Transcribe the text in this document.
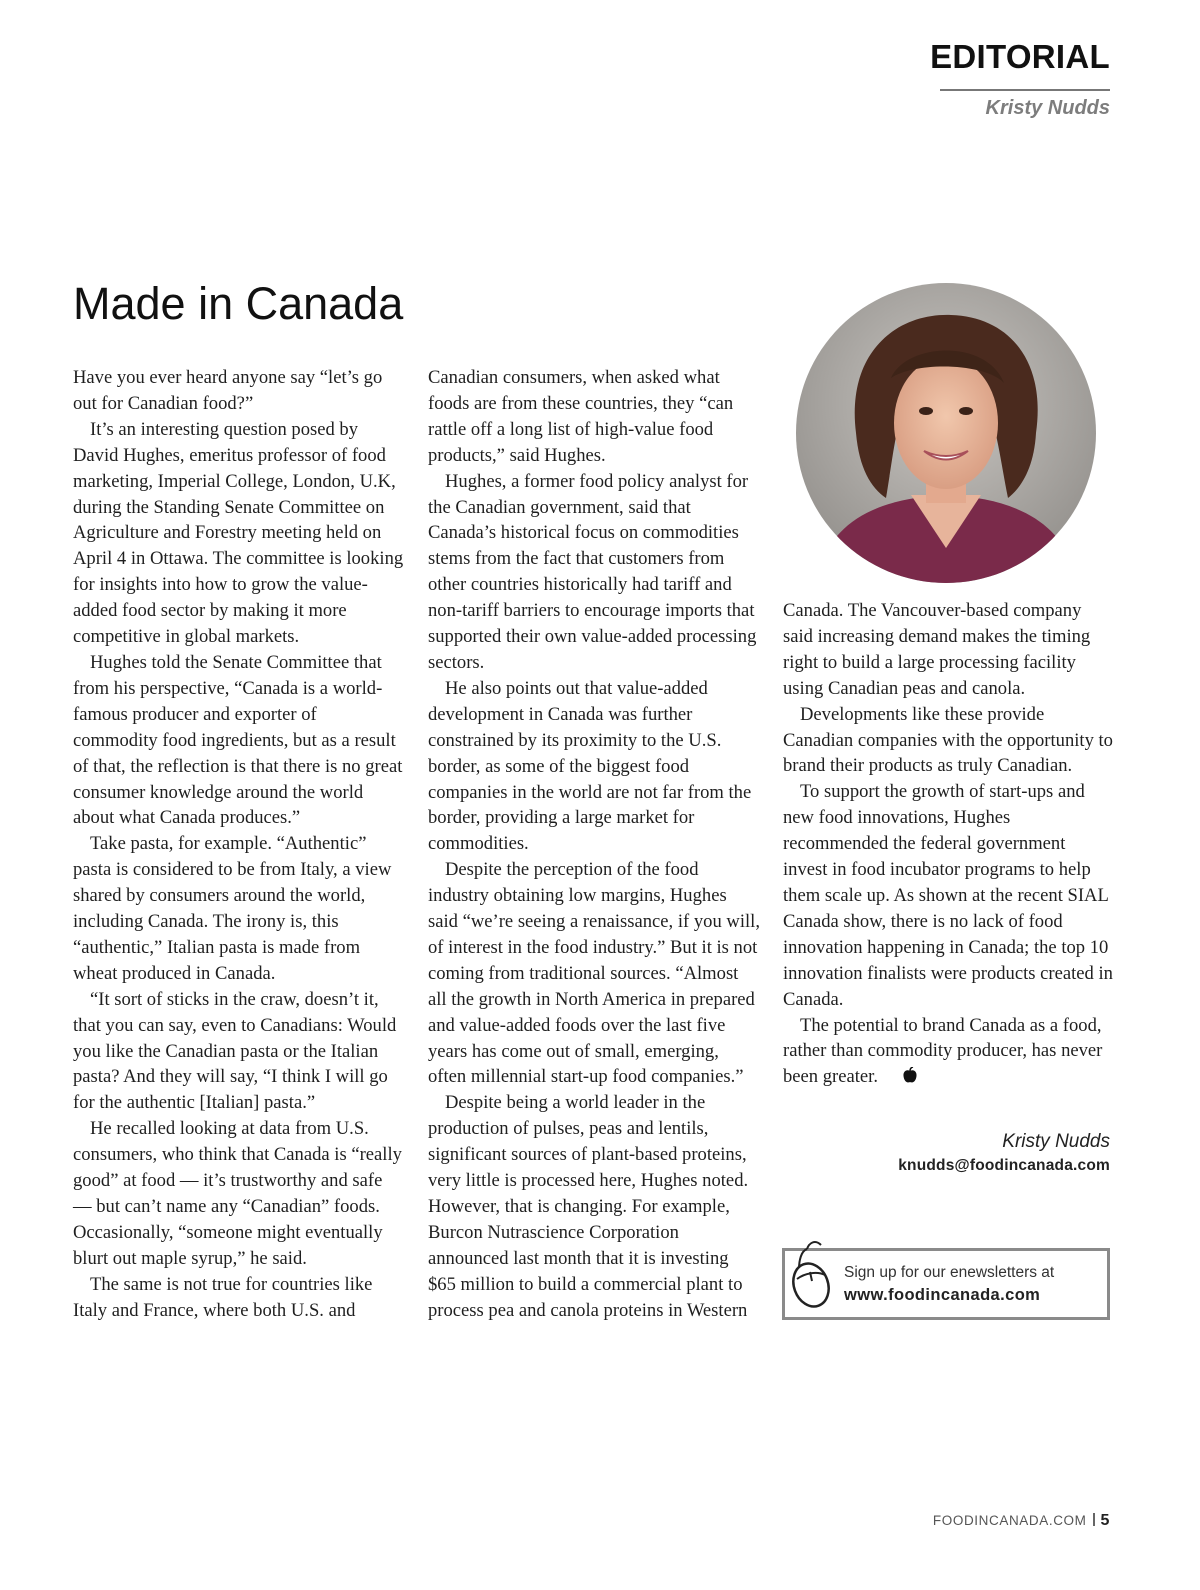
EDITORIAL
Kristy Nudds
Made in Canada

Have you ever heard anyone say “let’s go out for Canadian food?”

It’s an interesting question posed by David Hughes, emeritus professor of food marketing, Imperial College, London, U.K, during the Standing Senate Committee on Agriculture and Forestry meeting held on April 4 in Ottawa. The committee is looking for insights into how to grow the value-added food sector by making it more competitive in global markets.

Hughes told the Senate Committee that from his perspective, “Canada is a world-famous producer and exporter of commodity food ingredients, but as a result of that, the reflection is that there is no great consumer knowledge around the world about what Canada produces.”

Take pasta, for example. “Authentic” pasta is considered to be from Italy, a view shared by consumers around the world, including Canada. The irony is, this “authentic,” Italian pasta is made from wheat produced in Canada.

“It sort of sticks in the craw, doesn’t it, that you can say, even to Canadians: Would you like the Canadian pasta or the Italian pasta? And they will say, “I think I will go for the authentic [Italian] pasta.”

He recalled looking at data from U.S. consumers, who think that Canada is “really good” at food — it’s trustworthy and safe — but can’t name any “Canadian” foods. Occasionally, “someone might eventually blurt out maple syrup,” he said.

The same is not true for countries like Italy and France, where both U.S. and

Canadian consumers, when asked what foods are from these countries, they “can rattle off a long list of high-value food products,” said Hughes.

Hughes, a former food policy analyst for the Canadian government, said that Canada’s historical focus on commodities stems from the fact that customers from other countries historically had tariff and non-tariff barriers to encourage imports that supported their own value-added processing sectors.

He also points out that value-added development in Canada was further constrained by its proximity to the U.S. border, as some of the biggest food companies in the world are not far from the border, providing a large market for commodities.

Despite the perception of the food industry obtaining low margins, Hughes said “we’re seeing a renaissance, if you will, of interest in the food industry.” But it is not coming from traditional sources. “Almost all the growth in North America in prepared and value-added foods over the last five years has come out of small, emerging, often millennial start-up food companies.”

Despite being a world leader in the production of pulses, peas and lentils, significant sources of plant-based proteins, very little is processed here, Hughes noted. However, that is changing. For example, Burcon Nutrascience Corporation announced last month that it is investing $65 million to build a commercial plant to process pea and canola proteins in Western

Canada. The Vancouver-based company said increasing demand makes the timing right to build a large processing facility using Canadian peas and canola.

Developments like these provide Canadian companies with the opportunity to brand their products as truly Canadian.

To support the growth of start-ups and new food innovations, Hughes recommended the federal government invest in food incubator programs to help them scale up. As shown at the recent SIAL Canada show, there is no lack of food innovation happening in Canada; the top 10 innovation finalists were products created in Canada.

The potential to brand Canada as a food, rather than commodity producer, has never been greater.

Kristy Nudds
knudds@foodincanada.com
Sign up for our enewsletters at
www.foodincanada.com
FOODINCANADA.COM 5
